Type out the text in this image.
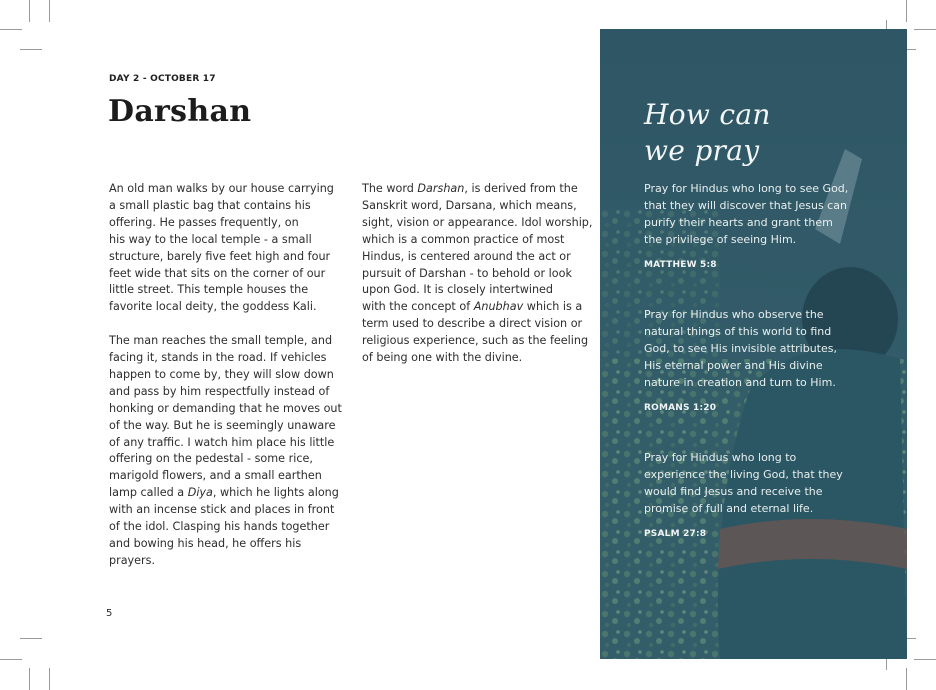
DAY 2 - OCTOBER 17
Darshan
An old man walks by our house carrying
a small plastic bag that contains his
offering. He passes frequently, on
his way to the local temple - a small
structure, barely five feet high and four
feet wide that sits on the corner of our
little street. This temple houses the
favorite local deity, the goddess Kali.
The man reaches the small temple, and
facing it, stands in the road. If vehicles
happen to come by, they will slow down
and pass by him respectfully instead of
honking or demanding that he moves out
of the way. But he is seemingly unaware
of any traffic. I watch him place his little
offering on the pedestal - some rice,
marigold flowers, and a small earthen
lamp called a Diya, which he lights along
with an incense stick and places in front
of the idol. Clasping his hands together
and bowing his head, he offers his
prayers.
The word Darshan, is derived from the
Sanskrit word, Darsana, which means,
sight, vision or appearance. Idol worship,
which is a common practice of most
Hindus, is centered around the act or
pursuit of Darshan - to behold or look
upon God. It is closely intertwined
with the concept of Anubhav which is a
term used to describe a direct vision or
religious experience, such as the feeling
of being one with the divine.
5
How can
we pray
Pray for Hindus who long to see God,
that they will discover that Jesus can
purify their hearts and grant them
the privilege of seeing Him.
MATTHEW 5:8
Pray for Hindus who observe the
natural things of this world to find
God, to see His invisible attributes,
His eternal power and His divine
nature in creation and turn to Him.
ROMANS 1:20
Pray for Hindus who long to
experience the living God, that they
would find Jesus and receive the
promise of full and eternal life.
PSALM 27:8
